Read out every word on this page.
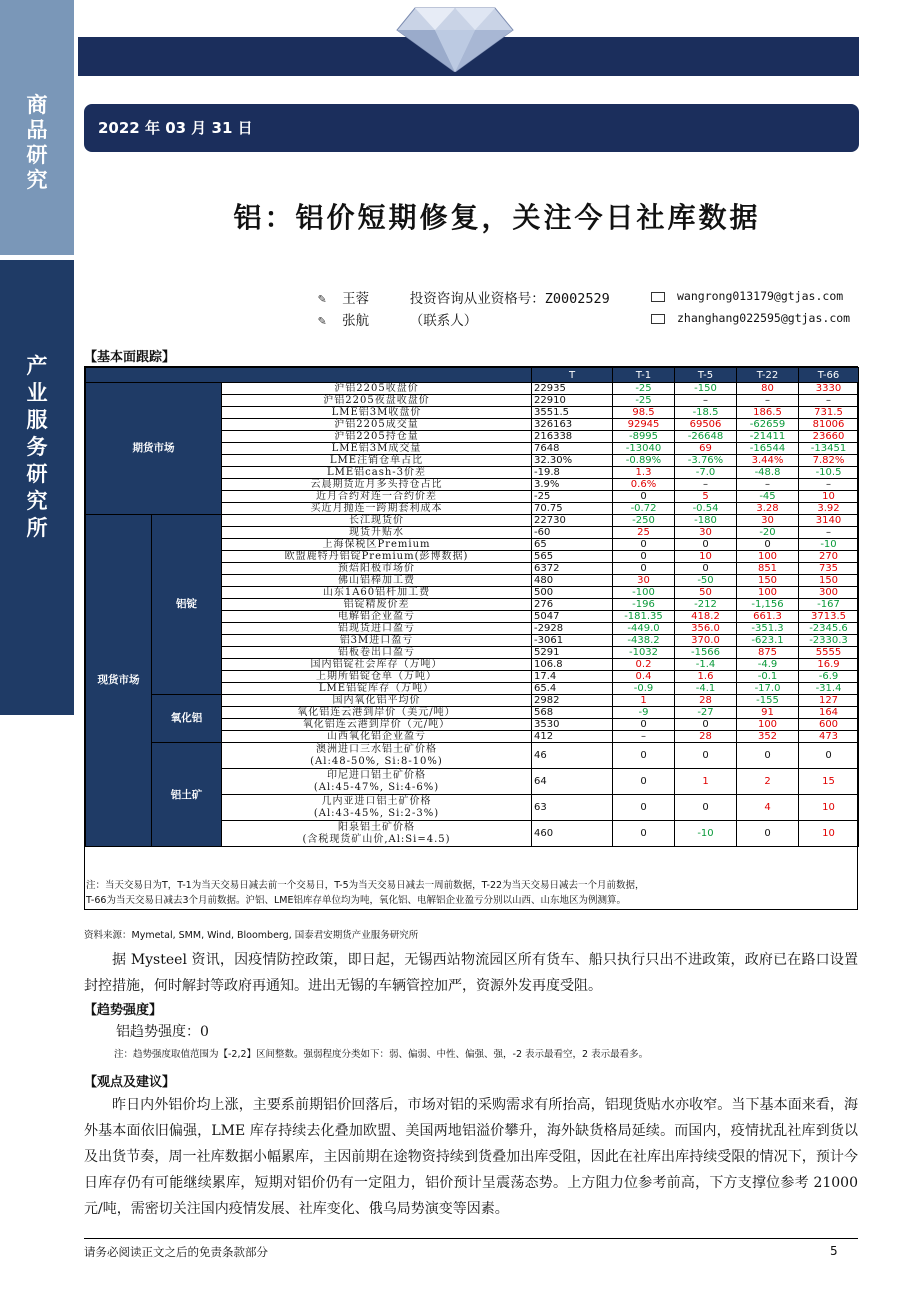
商
品
研
究
产
业
服
务
研
究
所
2022 年 03 月 31 日
铝：铝价短期修复，关注今日社库数据
✎ 王蓉	投资咨询从业资格号：Z0002529
✎ 张航	（联系人）
wangrong013179@gtjas.com
zhanghang022595@gtjas.com
【基本面跟踪】
			T	T-1	T-5	T-22	T-66
期货市场		沪铝2205收盘价	22935	-25	-150	80	3330
		沪铝2205夜盘收盘价	22910	-25	–	–	–
		LME铝3M收盘价	3551.5	98.5	-18.5	186.5	731.5
		沪铝2205成交量	326163	92945	69506	-62659	81006
		沪铝2205持仓量	216338	-8995	-26648	-21411	23660
		LME铝3M成交量	7648	-13040	69	-16544	-13451
		LME注销仓单占比	32.30%	-0.89%	-3.76%	3.44%	7.82%
		LME铝cash-3价差	-19.8	1.3	-7.0	-48.8	-10.5
		云晨期货近月多头持仓占比	3.9%	0.6%	–	–	–
		近月合约对连一合约价差	-25	0	5	-45	10
		买近月抛连一跨期套利成本	70.75	-0.72	-0.54	3.28	3.92
现货市场	铝锭	长江现货价	22730	-250	-180	30	3140
		现货升贴水	-60	25	30	-20	–
		上海保税区Premium	65	0	0	0	-10
		欧盟鹿特丹铝锭Premium(彭博数据)	565	0	10	100	270
		预焙阳极市场价	6372	0	0	851	735
		佛山铝棒加工费	480	30	-50	150	150
		山东1A60铝杆加工费	500	-100	50	100	300
		铝锭精废价差	276	-196	-212	-1,156	-167
		电解铝企业盈亏	5047	-181.35	418.2	661.3	3713.5
		铝现货进口盈亏	-2928	-449.0	356.0	-351.3	-2345.6
		铝3M进口盈亏	-3061	-438.2	370.0	-623.1	-2330.3
		铝板卷出口盈亏	5291	-1032	-1566	875	5555
		国内铝锭社会库存（万吨）	106.8	0.2	-1.4	-4.9	16.9
		上期所铝锭仓单（万吨）	17.4	0.4	1.6	-0.1	-6.9
		LME铝锭库存（万吨）	65.4	-0.9	-4.1	-17.0	-31.4
	氧化铝	国内氧化铝平均价	2982	1	28	-155	127
		氧化铝连云港到岸价（美元/吨）	568	-9	-27	91	164
		氧化铝连云港到岸价（元/吨）	3530	0	0	100	600
		山西氧化铝企业盈亏	412	–	28	352	473
	铝土矿	澳洲进口三水铝土矿价格
(Al:48-50%, Si:8-10%)	46	0	0	0	0

		印尼进口铝土矿价格
(Al:45-47%, Si:4-6%)	64	0	1	2	15

		几内亚进口铝土矿价格
(Al:43-45%, Si:2-3%)	63	0	0	4	10

		阳泉铝土矿价格
(含税现货矿山价,Al:Si=4.5)	460	0	-10	0	10
注：当天交易日为T，T-1为当天交易日减去前一个交易日，T-5为当天交易日减去一周前数据，T-22为当天交易日减去一个月前数据，
T-66为当天交易日减去3个月前数据。沪铝、LME铝库存单位均为吨，氧化铝、电解铝企业盈亏分别以山西、山东地区为例测算。
资料来源：Mymetal, SMM, Wind, Bloomberg, 国泰君安期货产业服务研究所
据 Mysteel 资讯，因疫情防控政策，即日起，无锡西站物流园区所有货车、船只执行只出不进政策，政府已在路口设置封控措施，何时解封等政府再通知。进出无锡的车辆管控加严，资源外发再度受阻。
【趋势强度】
铝趋势强度：0
注：趋势强度取值范围为【-2,2】区间整数。强弱程度分类如下：弱、偏弱、中性、偏强、强，-2 表示最看空，2 表示最看多。
【观点及建议】
昨日内外铝价均上涨，主要系前期铝价回落后，市场对铝的采购需求有所抬高，铝现货贴水亦收窄。当下基本面来看，海外基本面依旧偏强，LME 库存持续去化叠加欧盟、美国两地铝溢价攀升，海外缺货格局延续。而国内，疫情扰乱社库到货以及出货节奏，周一社库数据小幅累库，主因前期在途物资持续到货叠加出库受阻，因此在社库出库持续受限的情况下，预计今日库存仍有可能继续累库，短期对铝价仍有一定阻力，铝价预计呈震荡态势。上方阻力位参考前高，下方支撑位参考 21000 元/吨，需密切关注国内疫情发展、社库变化、俄乌局势演变等因素。
请务必阅读正文之后的免责条款部分	5
